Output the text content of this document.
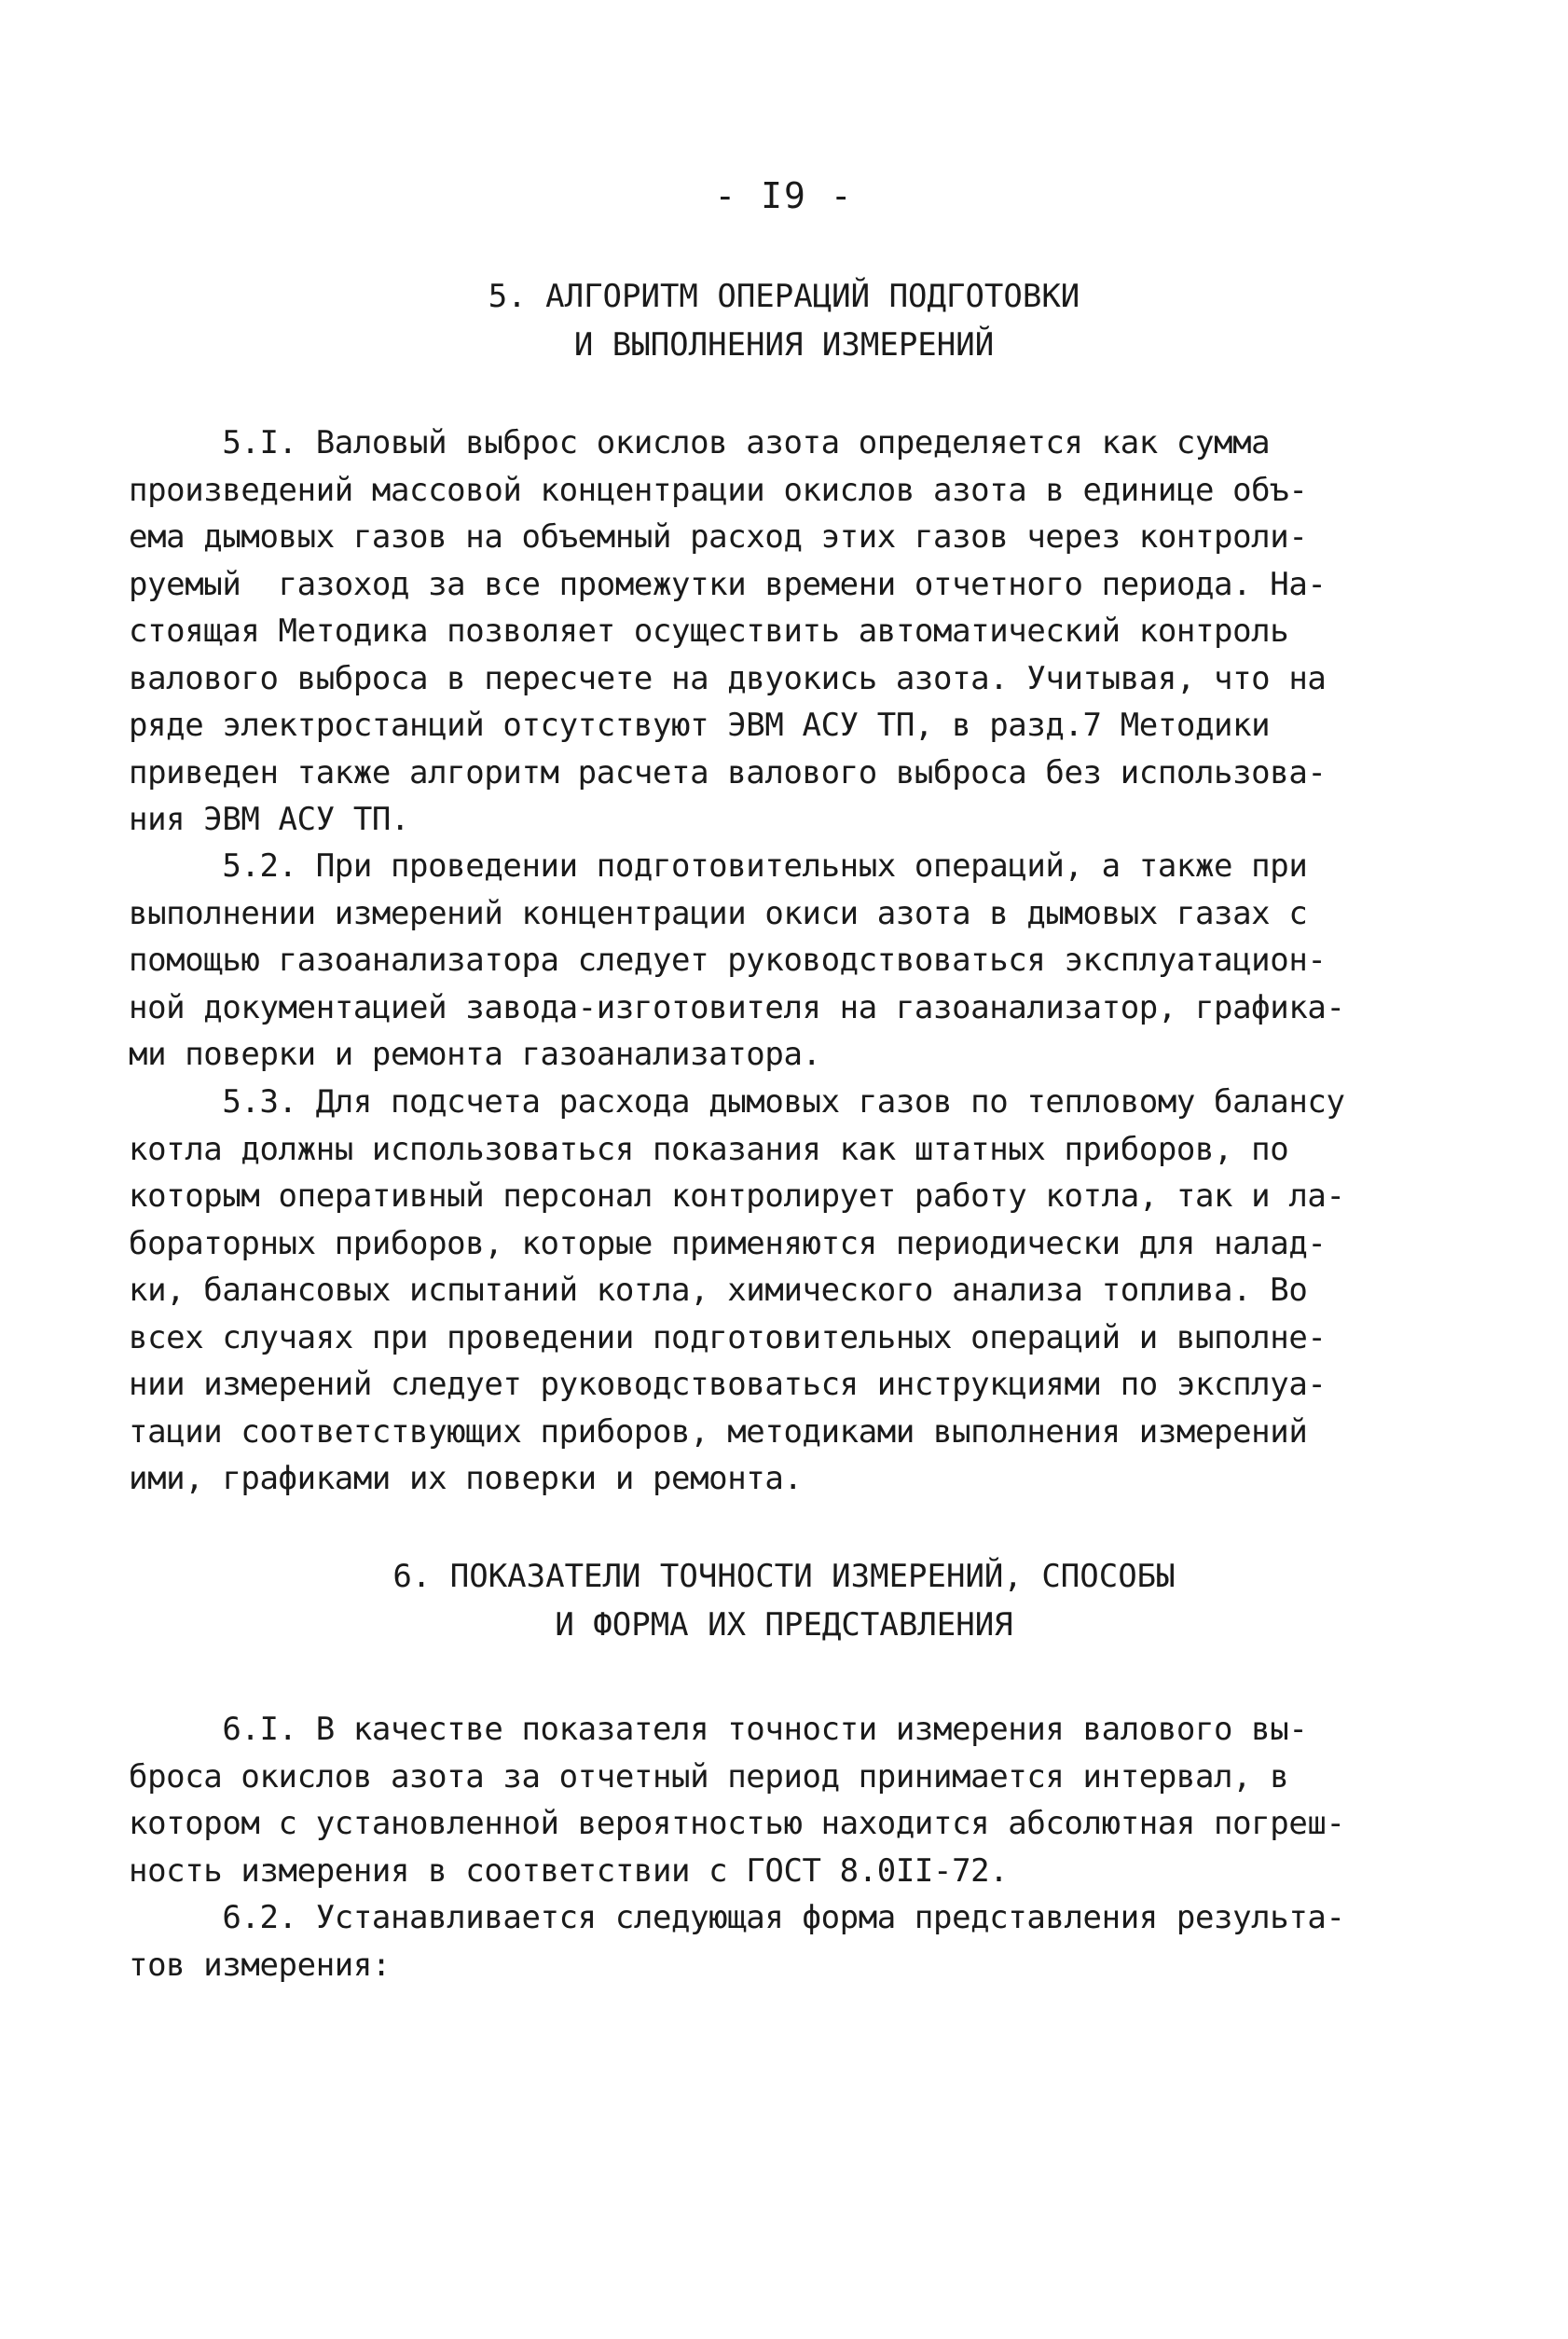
- I9 -
5. АЛГОРИТМ ОПЕРАЦИЙ ПОДГОТОВКИ
И ВЫПОЛНЕНИЯ ИЗМЕРЕНИЙ
5.I. Валовый выброс окислов азота определяется как сумма
произведений массовой концентрации окислов азота в единице объ-
ема дымовых газов на объемный расход этих газов через контроли-
руемый  газоход за все промежутки времени отчетного периода. На-
стоящая Методика позволяет осуществить автоматический контроль
валового выброса в пересчете на двуокись азота. Учитывая, что на
ряде электростанций отсутствуют ЭВМ АСУ ТП, в разд.7 Методики
приведен также алгоритм расчета валового выброса без использова-
ния ЭВМ АСУ ТП.
5.2. При проведении подготовительных операций, а также при
выполнении измерений концентрации окиси азота в дымовых газах с
помощью газоанализатора следует руководствоваться эксплуатацион-
ной документацией завода-изготовителя на газоанализатор, графика-
ми поверки и ремонта газоанализатора.
5.3. Для подсчета расхода дымовых газов по тепловому балансу
котла должны использоваться показания как штатных приборов, по
которым оперативный персонал контролирует работу котла, так и ла-
бораторных приборов, которые применяются периодически для налад-
ки, балансовых испытаний котла, химического анализа топлива. Во
всех случаях при проведении подготовительных операций и выполне-
нии измерений следует руководствоваться инструкциями по эксплуа-
тации соответствующих приборов, методиками выполнения измерений
ими, графиками их поверки и ремонта.
6. ПОКАЗАТЕЛИ ТОЧНОСТИ ИЗМЕРЕНИЙ, СПОСОБЫ
И ФОРМА ИХ ПРЕДСТАВЛЕНИЯ
6.I. В качестве показателя точности измерения валового вы-
броса окислов азота за отчетный период принимается интервал, в
котором с установленной вероятностью находится абсолютная погреш-
ность измерения в соответствии с ГОСТ 8.0II-72.
6.2. Устанавливается следующая форма представления результа-
тов измерения:
